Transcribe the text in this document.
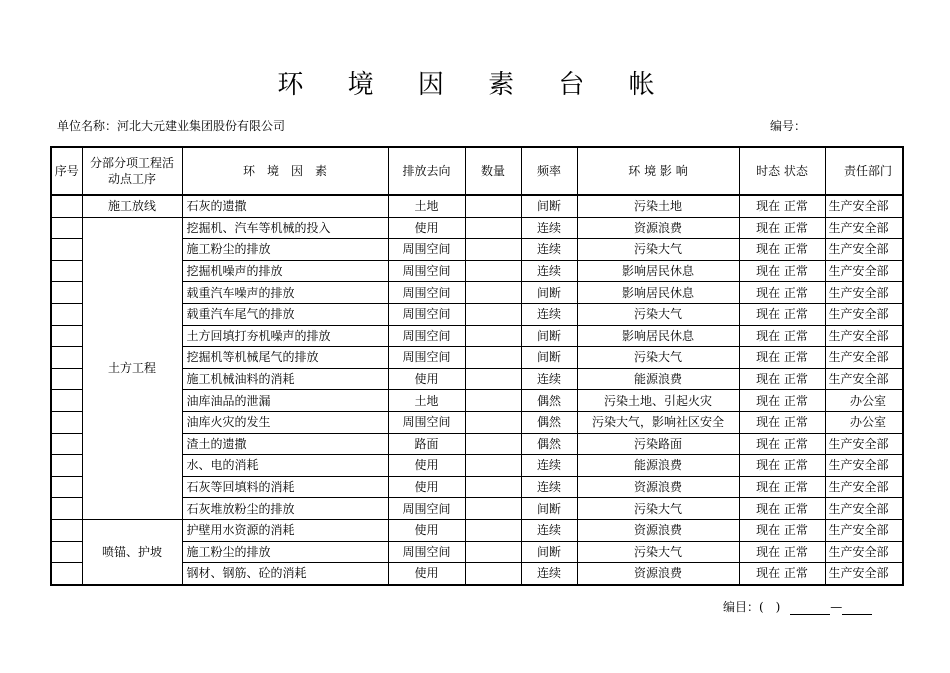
环 境 因 素 台 帐
单位名称：河北大元建业集团股份有限公司	编号：
序号	分部分项工程活动点工序	环　境　因　素	排放去向	数量	频率	环 境 影 响	时态 状态	责任部门
	施工放线	石灰的遗撒	土地		间断	污染土地	现在 正常	生产安全部
	土方工程	挖掘机、汽车等机械的投入	使用		连续	资源浪费	现在 正常	生产安全部
		施工粉尘的排放	周围空间		连续	污染大气	现在 正常	生产安全部
		挖掘机噪声的排放	周围空间		连续	影响居民休息	现在 正常	生产安全部
		载重汽车噪声的排放	周围空间		间断	影响居民休息	现在 正常	生产安全部
		载重汽车尾气的排放	周围空间		连续	污染大气	现在 正常	生产安全部
		土方回填打夯机噪声的排放	周围空间		间断	影响居民休息	现在 正常	生产安全部
		挖掘机等机械尾气的排放	周围空间		间断	污染大气	现在 正常	生产安全部
		施工机械油料的消耗	使用		连续	能源浪费	现在 正常	生产安全部
		油库油品的泄漏	土地		偶然	污染土地、引起火灾	现在 正常	办公室
		油库火灾的发生	周围空间		偶然	污染大气，影响社区安全	现在 正常	办公室
		渣土的遗撒	路面		偶然	污染路面	现在 正常	生产安全部
		水、电的消耗	使用		连续	能源浪费	现在 正常	生产安全部
		石灰等回填料的消耗	使用		连续	资源浪费	现在 正常	生产安全部
		石灰堆放粉尘的排放	周围空间		间断	污染大气	现在 正常	生产安全部
	喷锚、护坡	护壁用水资源的消耗	使用		连续	资源浪费	现在 正常	生产安全部
		施工粉尘的排放	周围空间		间断	污染大气	现在 正常	生产安全部
		钢材、钢筋、砼的消耗	使用		连续	资源浪费	现在 正常	生产安全部
编目：(　)	—
